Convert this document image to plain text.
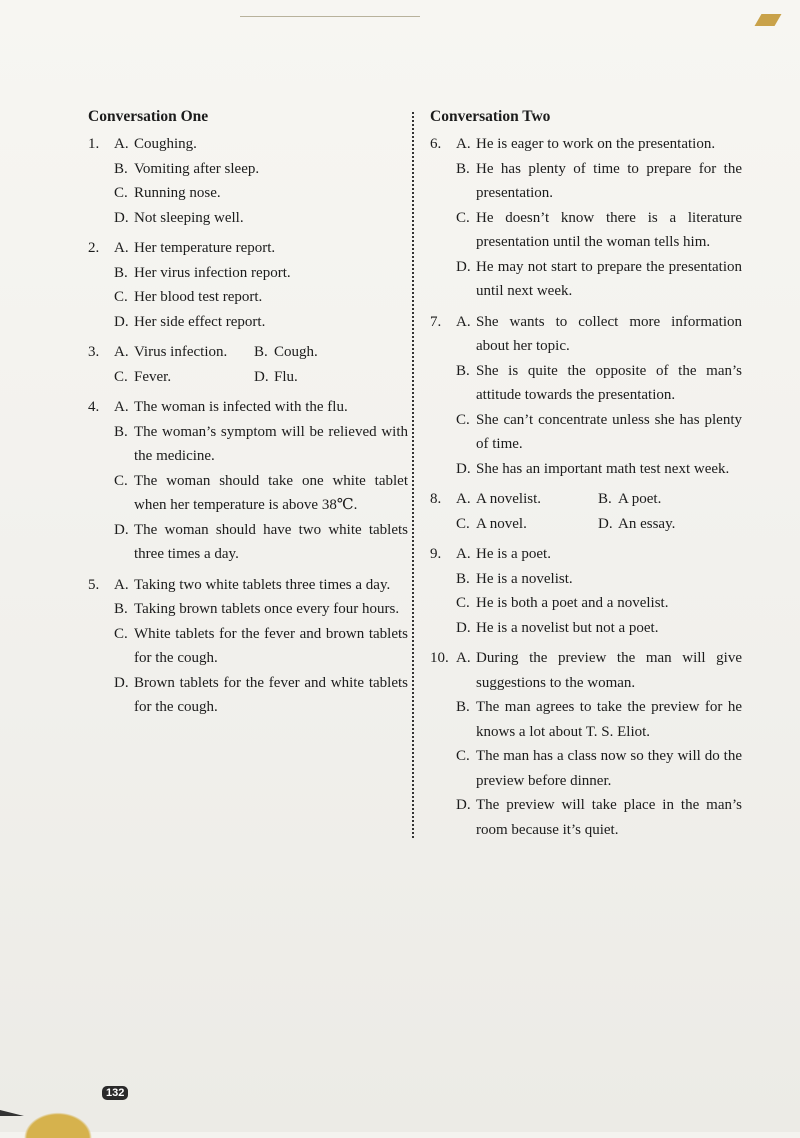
Conversation One
1. A. Coughing.
B. Vomiting after sleep.
C. Running nose.
D. Not sleeping well.
2. A. Her temperature report.
B. Her virus infection report.
C. Her blood test report.
D. Her side effect report.
3. A. Virus infection. B. Cough.
C. Fever.	D. Flu.
4. A. The woman is infected with the flu.
B. The woman’s symptom will be relieved with the medicine.
C. The woman should take one white tablet when her temperature is above 38℃.
D. The woman should have two white tablets three times a day.
5. A. Taking two white tablets three times a day.
B. Taking brown tablets once every four hours.
C. White tablets for the fever and brown tablets for the cough.
D. Brown tablets for the fever and white tablets for the cough.
Conversation Two
6. A. He is eager to work on the presentation.
B. He has plenty of time to prepare for the presentation.
C. He doesn’t know there is a literature presentation until the woman tells him.
D. He may not start to prepare the presentation until next week.
7. A. She wants to collect more information about her topic.
B. She is quite the opposite of the man’s attitude towards the presentation.
C. She can’t concentrate unless she has plenty of time.
D. She has an important math test next week.
8. A. A novelist.	B. A poet.
C. A novel.	D. An essay.
9. A. He is a poet.
B. He is a novelist.
C. He is both a poet and a novelist.
D. He is a novelist but not a poet.
10. A. During the preview the man will give suggestions to the woman.
B. The man agrees to take the preview for he knows a lot about T. S. Eliot.
C. The man has a class now so they will do the preview before dinner.
D. The preview will take place in the man’s room because it’s quiet.
132
